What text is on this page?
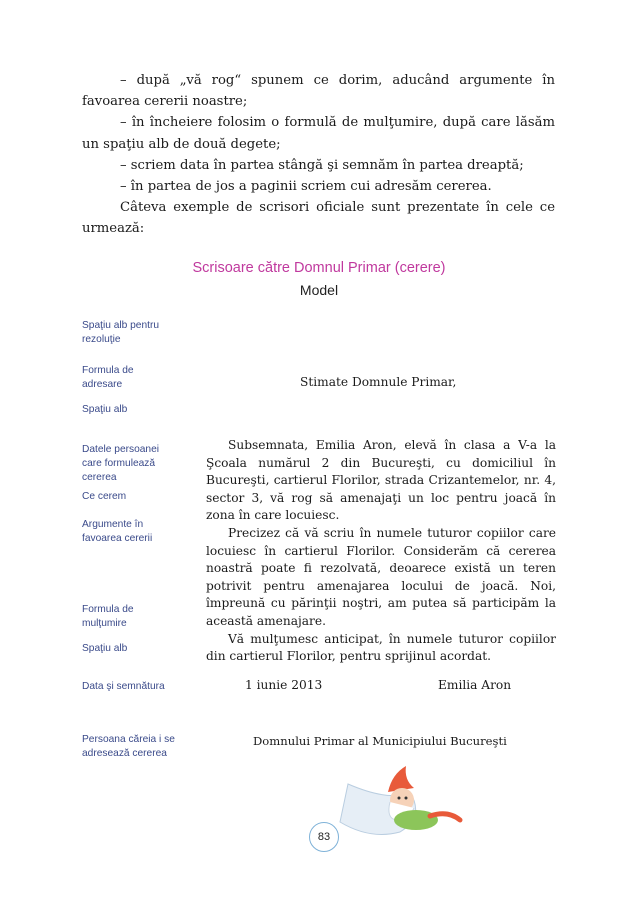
– după „vă rog“ spunem ce dorim, aducând argumente în favoarea cererii noastre;

– în încheiere folosim o formulă de mulţumire, după care lăsăm un spaţiu alb de două degete;

– scriem data în partea stângă şi semnăm în partea dreaptă;

– în partea de jos a paginii scriem cui adresăm cererea.

Câteva exemple de scrisori oficiale sunt prezentate în cele ce urmează:

Scrisoare către Domnul Primar (cerere)
Model
Spaţiu alb pentru rezoluţie
Formula de adresare
Spaţiu alb
Datele persoanei care formulează cererea
Ce cerem
Argumente în favoarea cererii
Formula de mulţumire
Spaţiu alb
Data şi semnătura
Persoana căreia i se adresează cererea
Stimate Domnule Primar,

Subsemnata, Emilia Aron, elevă în clasa a V-a la Şcoala numărul 2 din Bucureşti, cu domiciliul în Bucureşti, cartierul Florilor, strada Crizantemelor, nr. 4, sector 3, vă rog să amenajaţi un loc pentru joacă în zona în care locuiesc.

Precizez că vă scriu în numele tuturor copiilor care locuiesc în cartierul Florilor. Considerăm că cererea noastră poate fi rezolvată, deoarece există un teren potrivit pentru amenajarea locului de joacă. Noi, împreună cu părinţii noştri, am putea să participăm la această amenajare.

Vă mulţumesc anticipat, în numele tuturor copiilor din cartierul Florilor, pentru sprijinul acordat.

1 iunie 2013	Emilia Aron
Domnului Primar al Municipiului Bucureşti
83
